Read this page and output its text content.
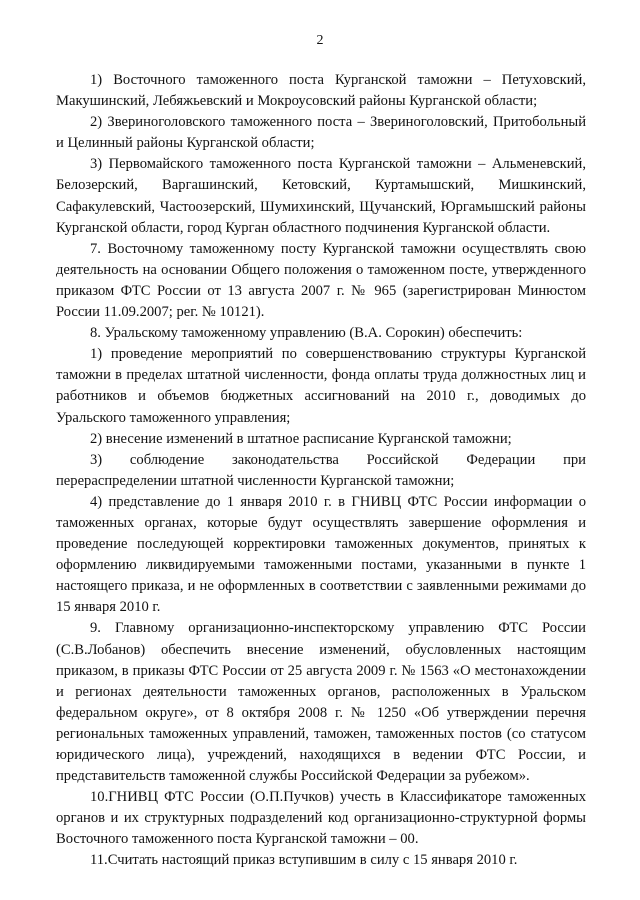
2

1) Восточного таможенного поста Курганской таможни – Петуховский, Макушинский, Лебяжьевский и Мокроусовский районы Курганской области;

2) Звериноголовского таможенного поста – Звериноголовский, Притобольный и Целинный районы Курганской области;

3) Первомайского таможенного поста Курганской таможни – Альменевский, Белозерский, Варгашинский, Кетовский, Куртамышский, Мишкинский, Сафакулевский, Частоозерский, Шумихинский, Щучанский, Юргамышский районы Курганской области, город Курган областного подчинения Курганской области.

7. Восточному таможенному посту Курганской таможни осуществлять свою деятельность на основании Общего положения о таможенном посте, утвержденного приказом ФТС России от 13 августа 2007 г. № 965 (зарегистрирован Минюстом России 11.09.2007; рег. № 10121).

8. Уральскому таможенному управлению (В.А. Сорокин) обеспечить:

1) проведение мероприятий по совершенствованию структуры Курганской таможни в пределах штатной численности, фонда оплаты труда должностных лиц и работников и объемов бюджетных ассигнований на 2010 г., доводимых до Уральского таможенного управления;

2) внесение изменений в штатное расписание Курганской таможни;

3) соблюдение законодательства Российской Федерации при перераспределении штатной численности Курганской таможни;

4) представление до 1 января 2010 г. в ГНИВЦ ФТС России информации о таможенных органах, которые будут осуществлять завершение оформления и проведение последующей корректировки таможенных документов, принятых к оформлению ликвидируемыми таможенными постами, указанными в пункте 1 настоящего приказа, и не оформленных в соответствии с заявленными режимами до 15 января 2010 г.

9. Главному организационно-инспекторскому управлению ФТС России (С.В.Лобанов) обеспечить внесение изменений, обусловленных настоящим приказом, в приказы ФТС России от 25 августа 2009 г. № 1563 «О местонахождении и регионах деятельности таможенных органов, расположенных в Уральском федеральном округе», от 8 октября 2008 г. № 1250 «Об утверждении перечня региональных таможенных управлений, таможен, таможенных постов (со статусом юридического лица), учреждений, находящихся в ведении ФТС России, и представительств таможенной службы Российской Федерации за рубежом».

10.ГНИВЦ ФТС России (О.П.Пучков) учесть в Классификаторе таможенных органов и их структурных подразделений код организационно-структурной формы Восточного таможенного поста Курганской таможни – 00.

11.Считать настоящий приказ вступившим в силу с 15 января 2010 г.
